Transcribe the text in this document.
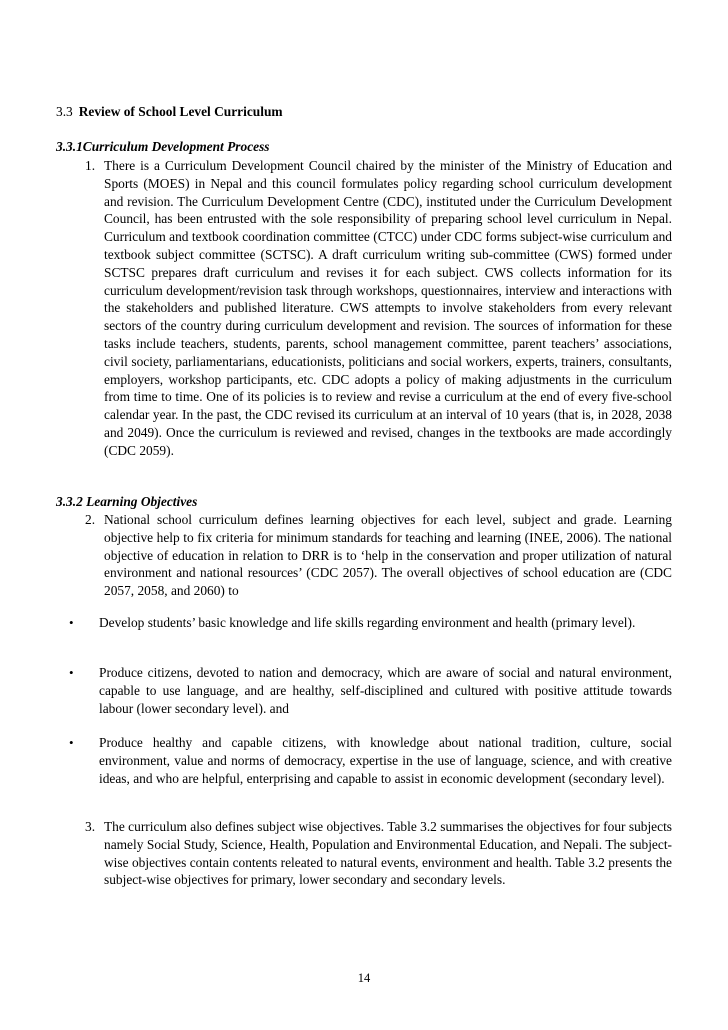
3.3 Review of School Level Curriculum
3.3.1Curriculum Development Process
1. There is a Curriculum Development Council chaired by the minister of the Ministry of Education and Sports (MOES) in Nepal and this council formulates policy regarding school curriculum development and revision. The Curriculum Development Centre (CDC), instituted under the Curriculum Development Council, has been entrusted with the sole responsibility of preparing school level curriculum in Nepal. Curriculum and textbook coordination committee (CTCC) under CDC forms subject-wise curriculum and textbook subject committee (SCTSC). A draft curriculum writing sub-committee (CWS) formed under SCTSC prepares draft curriculum and revises it for each subject. CWS collects information for its curriculum development/revision task through workshops, questionnaires, interview and interactions with the stakeholders and published literature. CWS attempts to involve stakeholders from every relevant sectors of the country during curriculum development and revision. The sources of information for these tasks include teachers, students, parents, school management committee, parent teachers’ associations, civil society, parliamentarians, educationists, politicians and social workers, experts, trainers, consultants, employers, workshop participants, etc. CDC adopts a policy of making adjustments in the curriculum from time to time. One of its policies is to review and revise a curriculum at the end of every five-school calendar year. In the past, the CDC revised its curriculum at an interval of 10 years (that is, in 2028, 2038 and 2049). Once the curriculum is reviewed and revised, changes in the textbooks are made accordingly (CDC 2059).

3.3.2 Learning Objectives
2. National school curriculum defines learning objectives for each level, subject and grade. Learning objective help to fix criteria for minimum standards for teaching and learning (INEE, 2006). The national objective of education in relation to DRR is to ‘help in the conservation and proper utilization of natural environment and national resources’ (CDC 2057). The overall objectives of school education are (CDC 2057, 2058, and 2060) to

• Develop students’ basic knowledge and life skills regarding environment and health (primary level).

• Produce citizens, devoted to nation and democracy, which are aware of social and natural environment, capable to use language, and are healthy, self-disciplined and cultured with positive attitude towards labour (lower secondary level). and

• Produce healthy and capable citizens, with knowledge about national tradition, culture, social environment, value and norms of democracy, expertise in the use of language, science, and with creative ideas, and who are helpful, enterprising and capable to assist in economic development (secondary level).

3. The curriculum also defines subject wise objectives. Table 3.2 summarises the objectives for four subjects namely Social Study, Science, Health, Population and Environmental Education, and Nepali. The subject-wise objectives contain contents releated to natural events, environment and health. Table 3.2 presents the subject-wise objectives for primary, lower secondary and secondary levels.

14
